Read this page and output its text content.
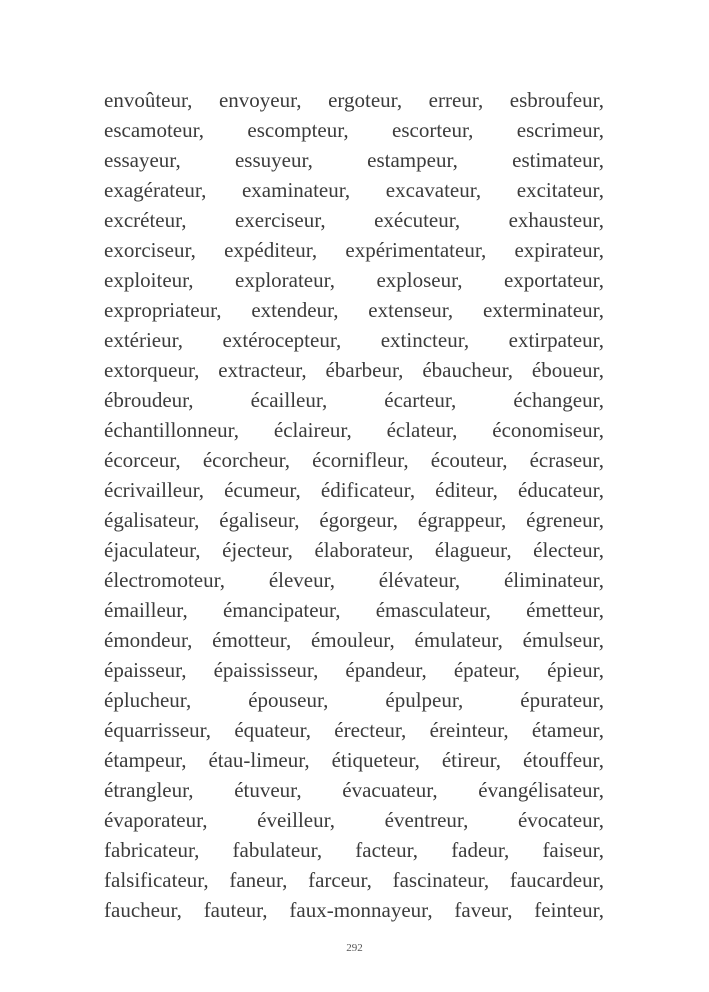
envoûteur, envoyeur, ergoteur, erreur, esbroufeur,
escamoteur, escompteur, escorteur, escrimeur,
essayeur,	essuyeur,	estampeur,	estimateur,
exagérateur, examinateur, excavateur, excitateur,
excréteur, exerciseur, exécuteur, exhausteur,
exorciseur, expéditeur, expérimentateur, expirateur,
exploiteur, explorateur, exploseur, exportateur,
expropriateur, extendeur, extenseur, exterminateur,
extérieur, extérocepteur, extincteur, extirpateur,
extorqueur, extracteur, ébarbeur, ébaucheur, éboueur,
ébroudeur,	écailleur,	écarteur,	échangeur,
échantillonneur, éclaireur, éclateur, économiseur,
écorceur, écorcheur, écornifleur, écouteur, écraseur,
écrivailleur, écumeur, édificateur, éditeur, éducateur,
égalisateur, égaliseur, égorgeur, égrappeur, égreneur,
éjaculateur, éjecteur, élaborateur, élagueur, électeur,
électromoteur, éleveur, élévateur, éliminateur,
émailleur, émancipateur, émasculateur, émetteur,
émondeur, émotteur, émouleur, émulateur, émulseur,
épaisseur, épaississeur, épandeur, épateur, épieur,
éplucheur,	épouseur,	épulpeur,	épurateur,
équarrisseur, équateur, érecteur, éreinteur, étameur,
étampeur, étau-limeur, étiqueteur, étireur, étouffeur,
étrangleur, étuveur, évacuateur, évangélisateur,
évaporateur, éveilleur, éventreur, évocateur,
fabricateur, fabulateur, facteur, fadeur, faiseur,
falsificateur, faneur, farceur, fascinateur, faucardeur,
faucheur, fauteur, faux-monnayeur, faveur, feinteur,
292
